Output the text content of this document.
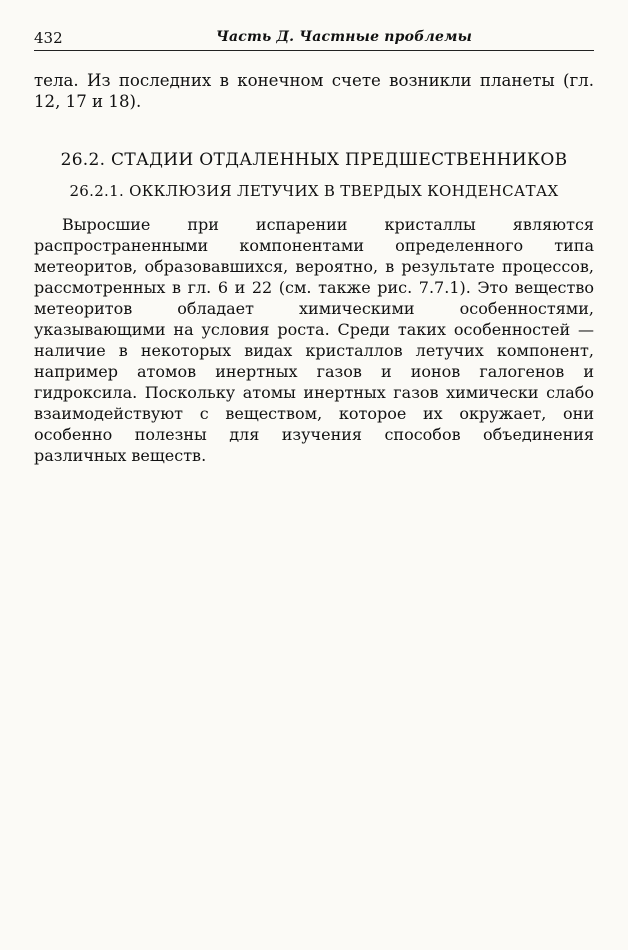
432	Часть Д. Частные проблемы
тела. Из последних в конечном счете возникли планеты (гл. 12, 17 и 18).
26.2. СТАДИИ ОТДАЛЕННЫХ ПРЕДШЕСТВЕННИКОВ
26.2.1. ОККЛЮЗИЯ ЛЕТУЧИХ В ТВЕРДЫХ КОНДЕНСАТАХ

Выросшие при испарении кристаллы являются распространенными компонентами определенного типа метеоритов, образовавшихся, вероятно, в результате процессов, рассмотренных в гл. 6 и 22 (см. также рис. 7.7.1). Это вещество метеоритов обладает химическими особенностями, указывающими на условия роста. Среди таких особенностей — наличие в некоторых видах кристаллов летучих компонент, например атомов инертных газов и ионов галогенов и гидроксила. Поскольку атомы инертных газов химически слабо взаимодействуют с веществом, которое их окружает, они особенно полезны для изучения способов объединения различных веществ.
